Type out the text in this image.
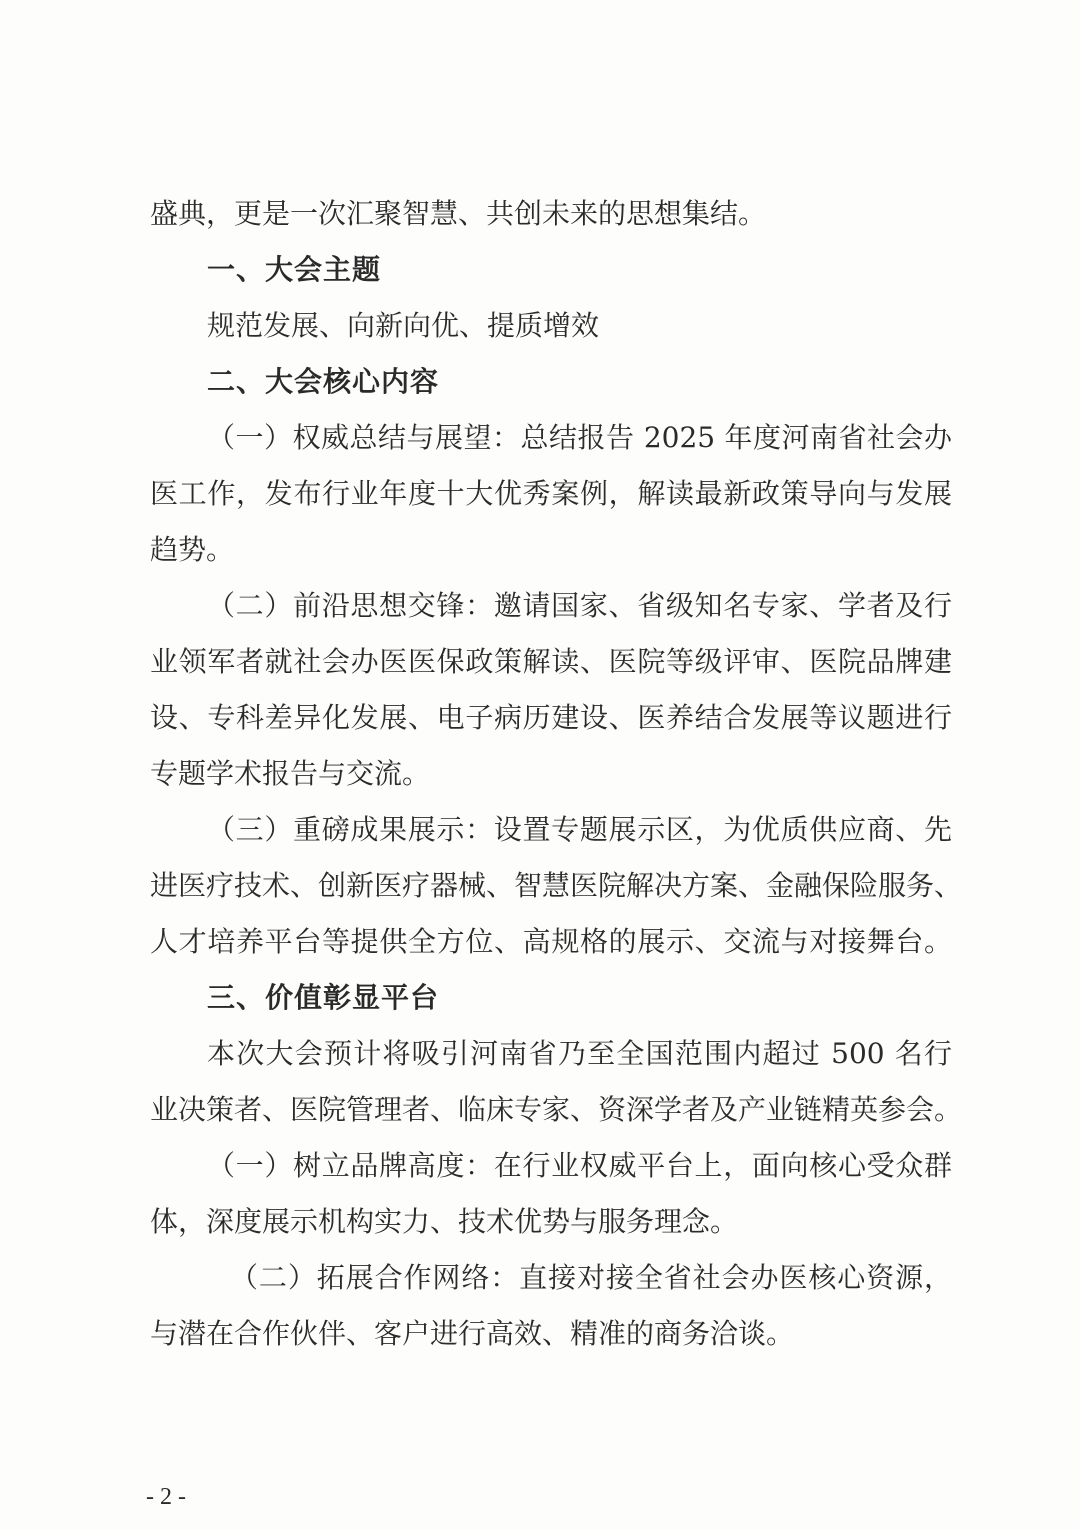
盛典，更是一次汇聚智慧、共创未来的思想集结。
一、大会主题
规范发展、向新向优、提质增效
二、大会核心内容
（一）权威总结与展望：总结报告 2025 年度河南省社会办
医工作，发布行业年度十大优秀案例，解读最新政策导向与发展
趋势。
（二）前沿思想交锋：邀请国家、省级知名专家、学者及行
业领军者就社会办医医保政策解读、医院等级评审、医院品牌建
设、专科差异化发展、电子病历建设、医养结合发展等议题进行
专题学术报告与交流。
（三）重磅成果展示：设置专题展示区，为优质供应商、先
进医疗技术、创新医疗器械、智慧医院解决方案、金融保险服务、
人才培养平台等提供全方位、高规格的展示、交流与对接舞台。
三、价值彰显平台
本次大会预计将吸引河南省乃至全国范围内超过 500 名行
业决策者、医院管理者、临床专家、资深学者及产业链精英参会。
（一）树立品牌高度：在行业权威平台上，面向核心受众群
体，深度展示机构实力、技术优势与服务理念。
（二）拓展合作网络：直接对接全省社会办医核心资源，
与潜在合作伙伴、客户进行高效、精准的商务洽谈。
- 2 -
